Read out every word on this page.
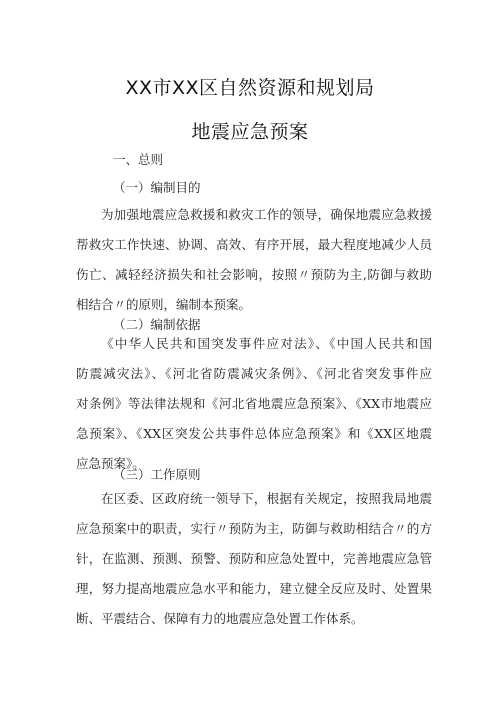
XX市XX区自然资源和规划局
地震应急预案
一、总则
（一）编制目的
为加强地震应急救援和救灾工作的领导，确保地震应急救援
帮救灾工作快速、协调、高效、有序开展，最大程度地减少人员
伤亡、减轻经济损失和社会影响，按照〃预防为主,防御与救助
相结合〃的原则，编制本预案。
（二）编制依据
《中华人民共和国突发事件应对法》、《中国人民共和国
防震减灾法》、《河北省防震减灾条例》、《河北省突发事件应
对条例》等法律法规和《河北省地震应急预案》、《XX市地震应
急预案》、《XX区突发公共事件总体应急预案》和《XX区地震
应急预案》。
（三）工作原则
在区委、区政府统一领导下，根据有关规定，按照我局地震
应急预案中的职责，实行〃预防为主，防御与救助相结合〃的方
针，在监测、预测、预警、预防和应急处置中，完善地震应急管
理，努力提高地震应急水平和能力，建立健全反应及时、处置果
断、平震结合、保障有力的地震应急处置工作体系。
